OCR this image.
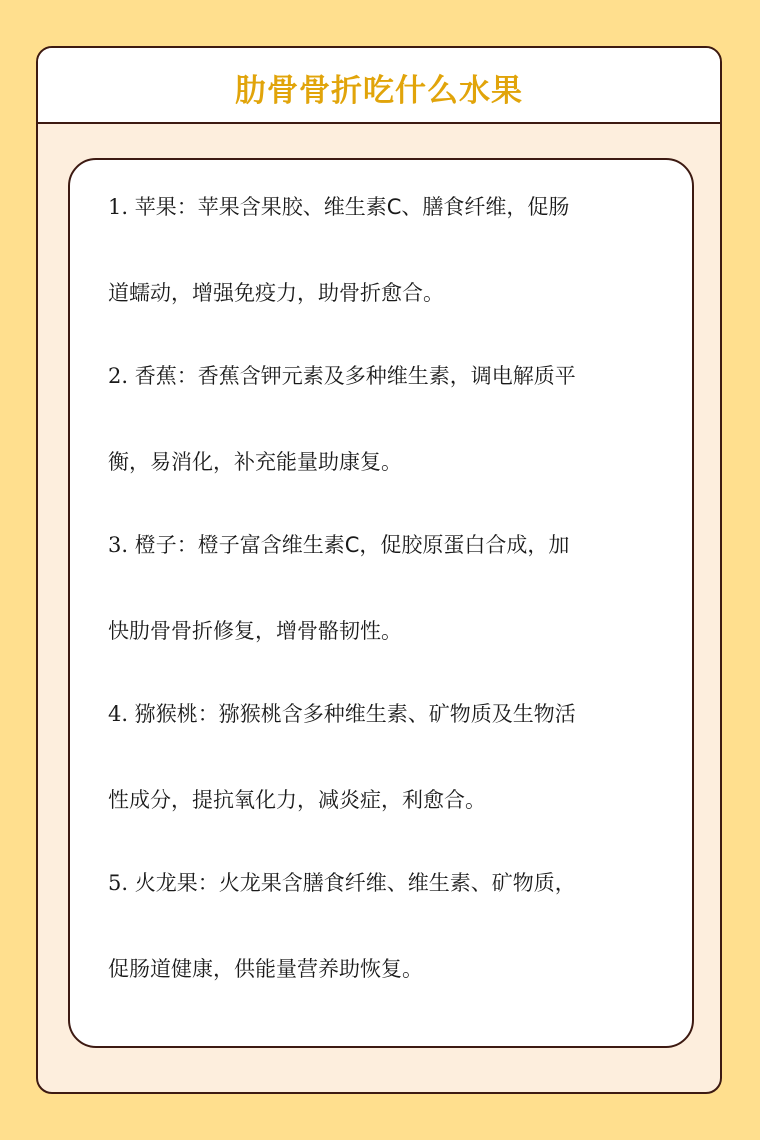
肋骨骨折吃什么水果
1. 苹果：苹果含果胶、维生素C、膳食纤维，促肠
道蠕动，增强免疫力，助骨折愈合。
2. 香蕉：香蕉含钾元素及多种维生素，调电解质平
衡，易消化，补充能量助康复。
3. 橙子：橙子富含维生素C，促胶原蛋白合成，加
快肋骨骨折修复，增骨骼韧性。
4. 猕猴桃：猕猴桃含多种维生素、矿物质及生物活
性成分，提抗氧化力，减炎症，利愈合。
5. 火龙果：火龙果含膳食纤维、维生素、矿物质，
促肠道健康，供能量营养助恢复。
